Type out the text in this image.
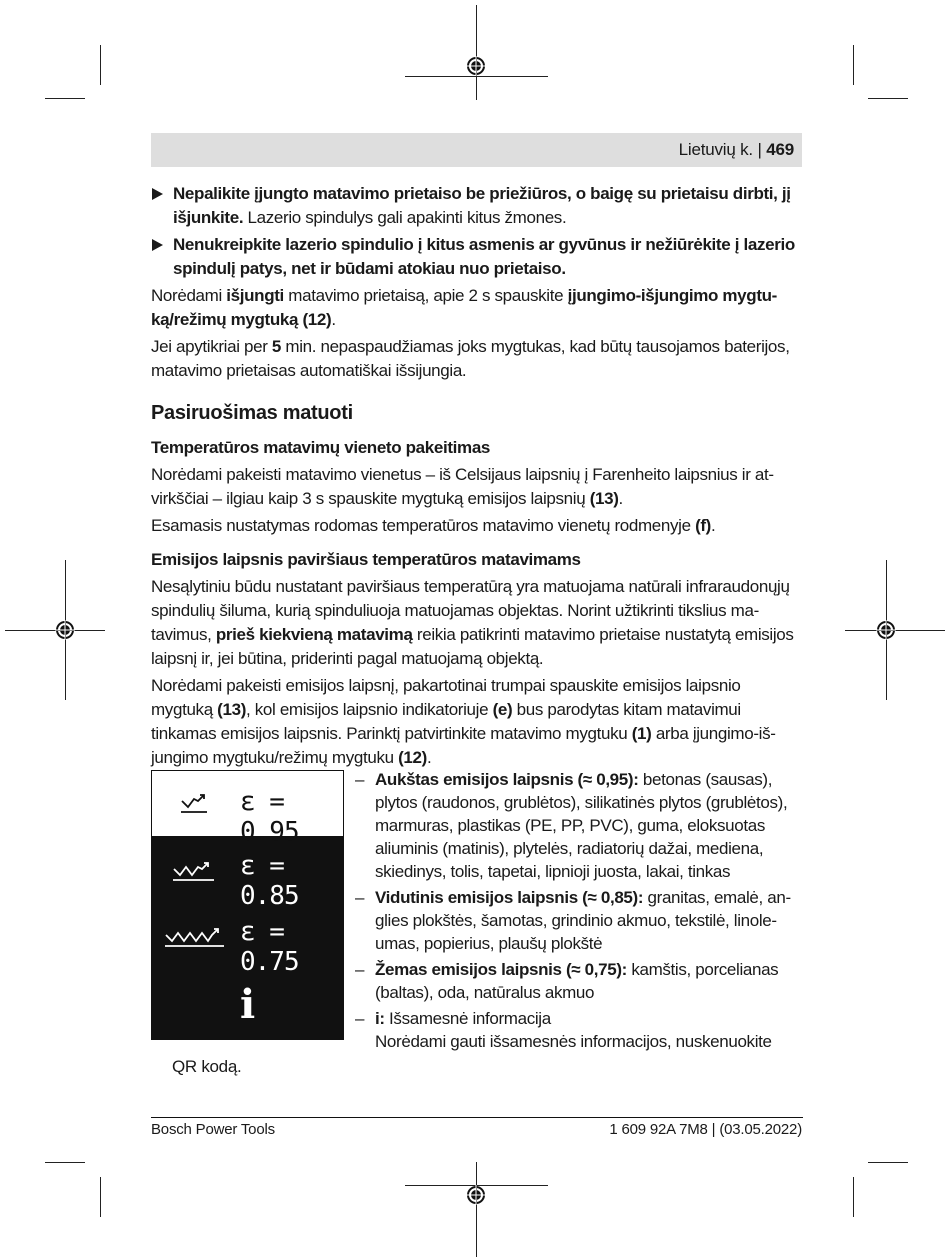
Lietuvių k. | 469
Nepalikite įjungto matavimo prietaiso be priežiūros, o baigę su prietaisu dirbti, jį išjunkite. Lazerio spindulys gali apakinti kitus žmones.
Nenukreipkite lazerio spindulio į kitus asmenis ar gyvūnus ir nežiūrėkite į lazerio spindulį patys, net ir būdami atokiau nuo prietaiso.

Norėdami išjungti matavimo prietaisą, apie 2 s spauskite įjungimo-išjungimo mygtuką/režimų mygtuką (12).

Jei apytikriai per 5 min. nepaspaudžiamas joks mygtukas, kad būtų tausojamos baterijos, matavimo prietaisas automatiškai išsijungia.

Pasiruošimas matuoti
Temperatūros matavimų vieneto pakeitimas

Norėdami pakeisti matavimo vienetus – iš Celsijaus laipsnių į Farenheito laipsnius ir atvirkščiai – ilgiau kaip 3 s spauskite mygtuką emisijos laipsnių (13).

Esamasis nustatymas rodomas temperatūros matavimo vienetų rodmenyje (f).

Emisijos laipsnis paviršiaus temperatūros matavimams

Nesąlytiniu būdu nustatant paviršiaus temperatūrą yra matuojama natūrali infraraudonųjų spindulių šiluma, kurią spinduliuoja matuojamas objektas. Norint užtikrinti tikslius matavimus, prieš kiekvieną matavimą reikia patikrinti matavimo prietaise nustatytą emisijos laipsnį ir, jei būtina, priderinti pagal matuojamą objektą.

Norėdami pakeisti emisijos laipsnį, pakartotinai trumpai spauskite emisijos laipsnio mygtuką (13), kol emisijos laipsnio indikatoriuje (e) bus parodytas kitam matavimui tinkamas emisijos laipsnis. Parinktį patvirtinkite matavimo mygtuku (1) arba įjungimo-išjungimo mygtuku/režimų mygtuku (12).

ε = 0.95
ε = 0.85
ε = 0.75
i
– Aukštas emisijos laipsnis (≈ 0,95): betonas (sausas), plytos (raudonos, grublėtos), silikatinės plytos (grublėtos), marmuras, plastikas (PE, PP, PVC), guma, eloksuotas aliuminis (matinis), plytelės, radiatorių dažai, mediena, skiedinys, tolis, tapetai, lipnioji juosta, lakai, tinkas
– Vidutinis emisijos laipsnis (≈ 0,85): granitas, emalė, anglies plokštės, šamotas, grindinio akmuo, tekstilė, linoleumas, popierius, plaušų plokštė
– Žemas emisijos laipsnis (≈ 0,75): kamštis, porcelianas (baltas), oda, natūralus akmuo
– i: Išsamesnė informacija
Norėdami gauti išsamesnės informacijos, nuskenuokite
QR kodą.
Bosch Power Tools	1 609 92A 7M8 | (03.05.2022)
